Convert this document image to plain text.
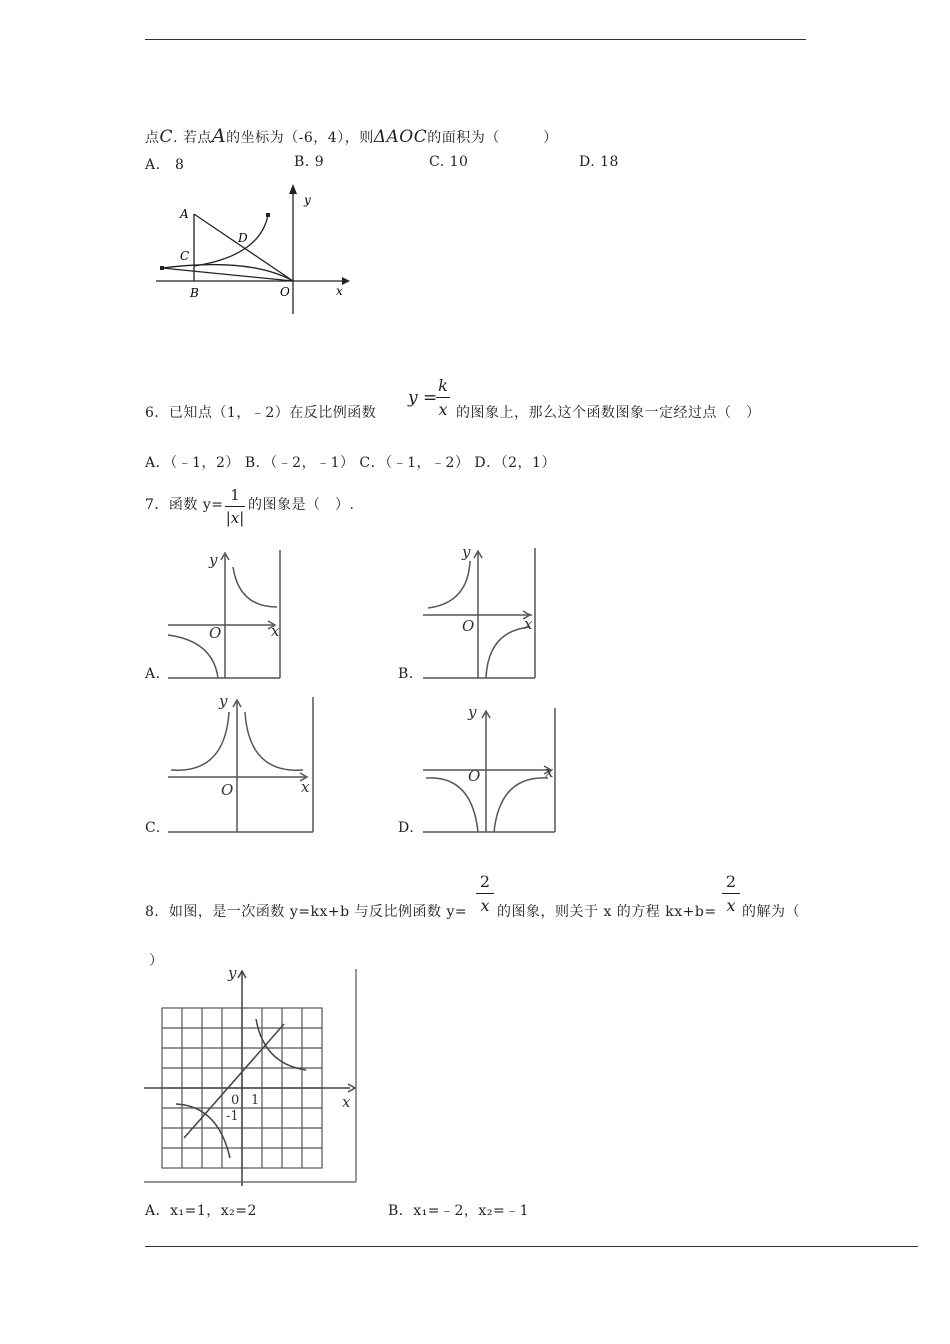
点C. 若点A的坐标为（-6，4），则ΔAOC的面积为（　　　）
A.　8	B. 9	C. 10	D. 18
A
C
D
B	O	x
y
6．已知点（1，﹣2）在反比例函数
y =
k
x 的图象上，那么这个函数图象一定经过点（　）
A．（﹣1，2） B．（﹣2，﹣1） C．（﹣1，﹣2） D．（2，1）
7．函数 y=
1
|x|
的图象是（　）.
A.
y
x
O
B.
y
x
O
C.
y
x
O
D.
y
x
O
8．如图，是一次函数 y=kx+b 与反比例函数 y=
2
x 的图象，则关于 x 的方程 kx+b=
2
x 的解为（
）
y
x
0 1
-1
A．x₁=1，x₂=2	B．x₁=﹣2，x₂=﹣1
